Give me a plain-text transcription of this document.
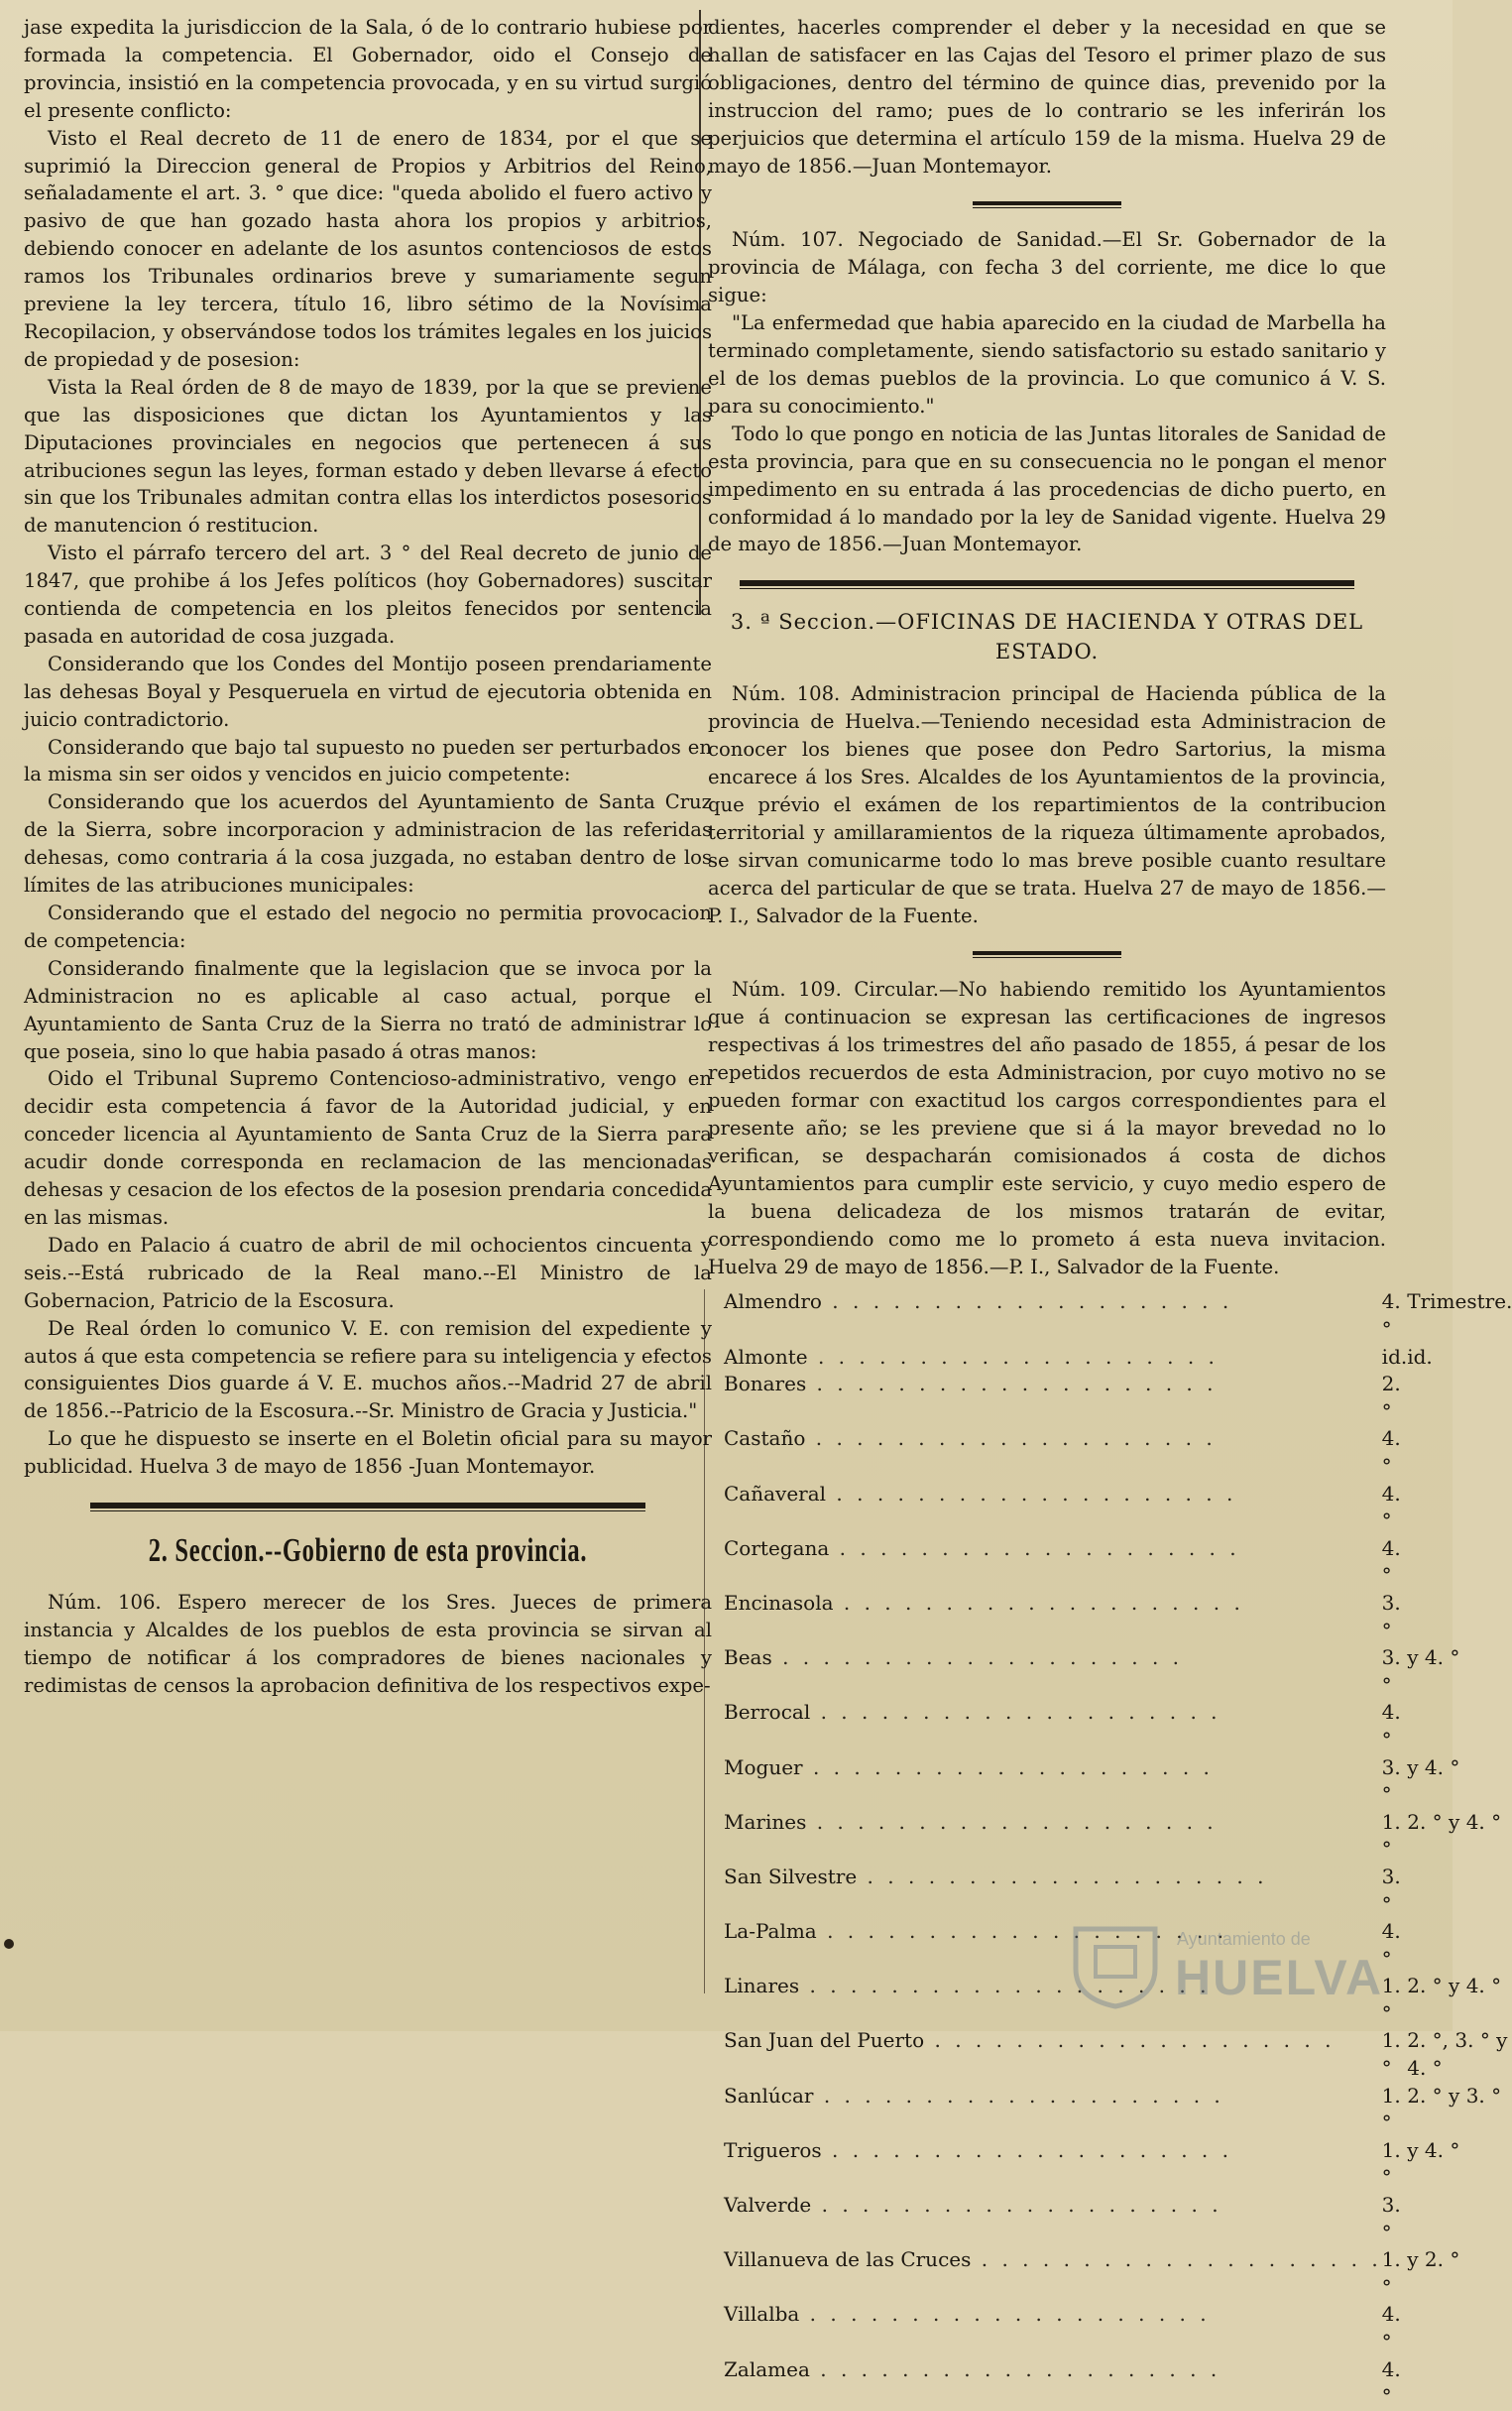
jase expedita la jurisdiccion de la Sala, ó de lo contrario hubiese por formada la competencia. El Gobernador, oido el Consejo de provincia, insistió en la competencia provocada, y en su virtud surgió el presente conflicto:

Visto el Real decreto de 11 de enero de 1834, por el que se suprimió la Direccion general de Propios y Arbitrios del Reino, señaladamente el art. 3. ° que dice: "queda abolido el fuero activo y pasivo de que han gozado hasta ahora los propios y arbitrios, debiendo conocer en adelante de los asuntos contenciosos de estos ramos los Tribunales ordinarios breve y sumariamente segun previene la ley tercera, título 16, libro sétimo de la Novísima Recopilacion, y observándose todos los trámites legales en los juicios de propiedad y de posesion:

Vista la Real órden de 8 de mayo de 1839, por la que se previene que las disposiciones que dictan los Ayuntamientos y las Diputaciones provinciales en negocios que pertenecen á sus atribuciones segun las leyes, forman estado y deben llevarse á efecto sin que los Tribunales admitan contra ellas los interdictos posesorios de manutencion ó restitucion.

Visto el párrafo tercero del art. 3 ° del Real decreto de junio de 1847, que prohibe á los Jefes políticos (hoy Gobernadores) suscitar contienda de competencia en los pleitos fenecidos por sentencia pasada en autoridad de cosa juzgada.

Considerando que los Condes del Montijo poseen prendariamente las dehesas Boyal y Pesqueruela en virtud de ejecutoria obtenida en juicio contradictorio.

Considerando que bajo tal supuesto no pueden ser perturbados en la misma sin ser oidos y vencidos en juicio competente:

Considerando que los acuerdos del Ayuntamiento de Santa Cruz de la Sierra, sobre incorporacion y administracion de las referidas dehesas, como contraria á la cosa juzgada, no estaban dentro de los límites de las atribuciones municipales:

Considerando que el estado del negocio no permitia provocacion de competencia:

Considerando finalmente que la legislacion que se invoca por la Administracion no es aplicable al caso actual, porque el Ayuntamiento de Santa Cruz de la Sierra no trató de administrar lo que poseia, sino lo que habia pasado á otras manos:

Oido el Tribunal Supremo Contencioso-administrativo, vengo en decidir esta competencia á favor de la Autoridad judicial, y en conceder licencia al Ayuntamiento de Santa Cruz de la Sierra para acudir donde corresponda en reclamacion de las mencionadas dehesas y cesacion de los efectos de la posesion prendaria concedida en las mismas.

Dado en Palacio á cuatro de abril de mil ochocientos cincuenta y seis.--Está rubricado de la Real mano.--El Ministro de la Gobernacion, Patricio de la Escosura.

De Real órden lo comunico V. E. con remision del expediente y autos á que esta competencia se refiere para su inteligencia y efectos consiguientes Dios guarde á V. E. muchos años.--Madrid 27 de abril de 1856.--Patricio de la Escosura.--Sr. Ministro de Gracia y Justicia."

Lo que he dispuesto se inserte en el Boletin oficial para su mayor publicidad. Huelva 3 de mayo de 1856 -Juan Montemayor.

2. Seccion.--Gobierno de esta provincia.

Núm. 106. Espero merecer de los Sres. Jueces de primera instancia y Alcaldes de los pueblos de esta provincia se sirvan al tiempo de notificar á los compradores de bienes nacionales y redimistas de censos la aprobacion definitiva de los respectivos expe-

dientes, hacerles comprender el deber y la necesidad en que se hallan de satisfacer en las Cajas del Tesoro el primer plazo de sus obligaciones, dentro del término de quince dias, prevenido por la instruccion del ramo; pues de lo contrario se les inferirán los perjuicios que determina el artículo 159 de la misma. Huelva 29 de mayo de 1856.—Juan Montemayor.

Núm. 107. Negociado de Sanidad.—El Sr. Gobernador de la provincia de Málaga, con fecha 3 del corriente, me dice lo que sigue:

"La enfermedad que habia aparecido en la ciudad de Marbella ha terminado completamente, siendo satisfactorio su estado sanitario y el de los demas pueblos de la provincia. Lo que comunico á V. S. para su conocimiento."

Todo lo que pongo en noticia de las Juntas litorales de Sanidad de esta provincia, para que en su consecuencia no le pongan el menor impedimento en su entrada á las procedencias de dicho puerto, en conformidad á lo mandado por la ley de Sanidad vigente. Huelva 29 de mayo de 1856.—Juan Montemayor.

3. ª Seccion.—OFICINAS DE HACIENDA Y OTRAS DEL ESTADO.

Núm. 108. Administracion principal de Hacienda pública de la provincia de Huelva.—Teniendo necesidad esta Administracion de conocer los bienes que posee don Pedro Sartorius, la misma encarece á los Sres. Alcaldes de los Ayuntamientos de la provincia, que prévio el exámen de los repartimientos de la contribucion territorial y amillaramientos de la riqueza últimamente aprobados, se sirvan comunicarme todo lo mas breve posible cuanto resultare acerca del particular de que se trata. Huelva 27 de mayo de 1856.—P. I., Salvador de la Fuente.

Núm. 109. Circular.—No habiendo remitido los Ayuntamientos que á continuacion se expresan las certificaciones de ingresos respectivas á los trimestres del año pasado de 1855, á pesar de los repetidos recuerdos de esta Administracion, por cuyo motivo no se pueden formar con exactitud los cargos correspondientes para el presente año; se les previene que si á la mayor brevedad no lo verifican, se despacharán comisionados á costa de dichos Ayuntamientos para cumplir este servicio, y cuyo medio espero de la buena delicadeza de los mismos tratarán de evitar, correspondiendo como me lo prometo á esta nueva invitacion. Huelva 29 de mayo de 1856.—P. I., Salvador de la Fuente.

Almendro . . . . . . . . . . . . . . . . . . . .	4. °	Trimestre.
Almonte . . . . . . . . . . . . . . . . . . . .	id.	id.
Bonares . . . . . . . . . . . . . . . . . . . .	2. °	
Castaño . . . . . . . . . . . . . . . . . . . .	4. °	
Cañaveral . . . . . . . . . . . . . . . . . . . .	4. °	
Cortegana . . . . . . . . . . . . . . . . . . . .	4. °	
Encinasola . . . . . . . . . . . . . . . . . . . .	3. °	
Beas . . . . . . . . . . . . . . . . . . . .	3. °	y 4. °
Berrocal . . . . . . . . . . . . . . . . . . . .	4. °	
Moguer . . . . . . . . . . . . . . . . . . . .	3. °	y 4. °
Marines . . . . . . . . . . . . . . . . . . . .	1. °	2. ° y 4. °
San Silvestre . . . . . . . . . . . . . . . . . . . .	3. °	
La-Palma . . . . . . . . . . . . . . . . . . . .	4. °	
Linares . . . . . . . . . . . . . . . . . . . .	1. °	2. ° y 4. °
San Juan del Puerto . . . . . . . . . . . . . . . . . . . .	1. °	2. °, 3. ° y 4. °
Sanlúcar . . . . . . . . . . . . . . . . . . . .	1. °	2. ° y 3. °
Trigueros . . . . . . . . . . . . . . . . . . . .	1. °	y 4. °
Valverde . . . . . . . . . . . . . . . . . . . .	3. °	
Villanueva de las Cruces . . . . . . . . . . . . . . . . . . . .	1. °	y 2. °
Villalba . . . . . . . . . . . . . . . . . . . .	4. °	
Zalamea . . . . . . . . . . . . . . . . . . . .	4. °	
Ayuntamiento de
HUELVA
